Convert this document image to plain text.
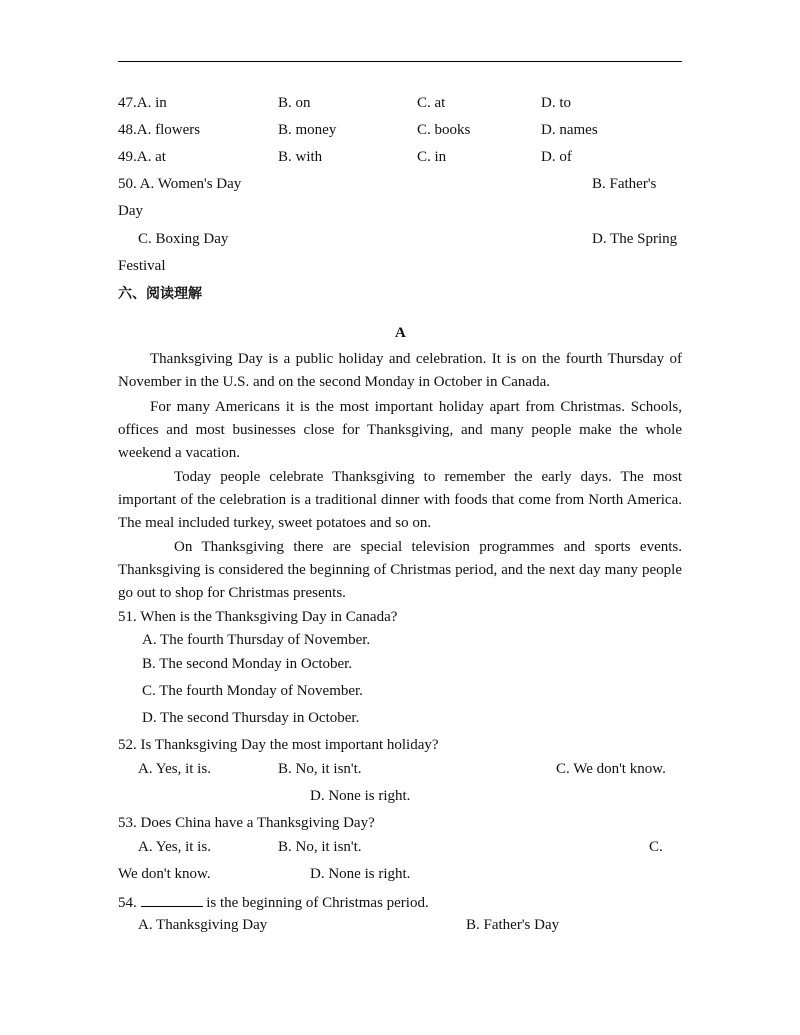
47.A. in	B. on	C. at	D. to
48.A. flowers	B. money	C. books	D. names
49.A. at	B. with	C. in	D. of
50. A. Women's Day	B. Father's
Day
C. Boxing Day	D. The Spring
Festival
六、阅读理解
A
Thanksgiving Day is a public holiday and celebration. It is on the fourth Thursday of November in the U.S. and on the second Monday in October in Canada.
For many Americans it is the most important holiday apart from Christmas. Schools, offices and most businesses close for Thanksgiving, and many people make the whole weekend a vacation.
Today people celebrate Thanksgiving to remember the early days. The most important of the celebration is a traditional dinner with foods that come from North America. The meal included turkey, sweet potatoes and so on.
On Thanksgiving there are special television programmes and sports events. Thanksgiving is considered the beginning of Christmas period, and the next day many people go out to shop for Christmas presents.
51. When is the Thanksgiving Day in Canada?
A. The fourth Thursday of November.
B. The second Monday in October.
C. The fourth Monday of November.
D. The second Thursday in October.
52. Is Thanksgiving Day the most important holiday?
A. Yes, it is.	B. No, it isn't.	C. We don't know.
D. None is right.
53. Does China have a Thanksgiving Day?
A. Yes, it is.	B. No, it isn't.	C.
We don't know.	D. None is right.
54.	is the beginning of Christmas period.
A. Thanksgiving Day	B. Father's Day
